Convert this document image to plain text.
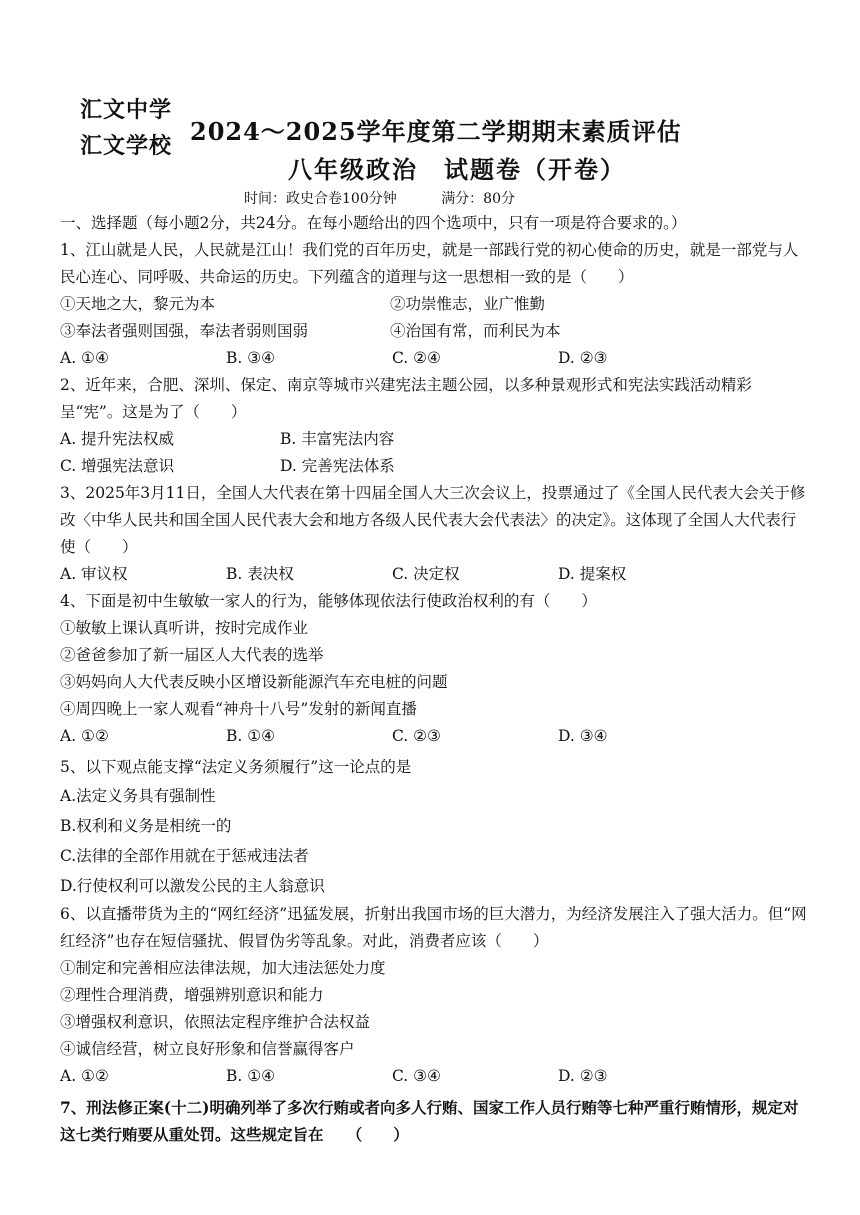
汇文中学
汇文学校 2024～2025学年度第二学期期末素质评估
八年级政治　试题卷（开卷）
时间：政史合卷100分钟	满分：80分
一、选择题（每小题2分，共24分。在每小题给出的四个选项中，只有一项是符合要求的。）
1、江山就是人民，人民就是江山！我们党的百年历史，就是一部践行党的初心使命的历史，就是一部党与人民心连心、同呼吸、共命运的历史。下列蕴含的道理与这一思想相一致的是（　　）
①天地之大，黎元为本	②功崇惟志，业广惟勤
③奉法者强则国强，奉法者弱则国弱	④治国有常，而利民为本
A. ①④	B. ③④	C. ②④	D. ②③
2、近年来，合肥、深圳、保定、南京等城市兴建宪法主题公园，以多种景观形式和宪法实践活动精彩呈“宪”。这是为了（　　）
A. 提升宪法权威	B. 丰富宪法内容
C. 增强宪法意识	D. 完善宪法体系
3、2025年3月11日，全国人大代表在第十四届全国人大三次会议上，投票通过了《全国人民代表大会关于修改〈中华人民共和国全国人民代表大会和地方各级人民代表大会代表法〉的决定》。这体现了全国人大代表行使（　　）
A. 审议权	B. 表决权	C. 决定权	D. 提案权
4、下面是初中生敏敏一家人的行为，能够体现依法行使政治权利的有（　　）
①敏敏上课认真听讲，按时完成作业
②爸爸参加了新一届区人大代表的选举
③妈妈向人大代表反映小区增设新能源汽车充电桩的问题
④周四晚上一家人观看“神舟十八号”发射的新闻直播
A. ①②	B. ①④	C. ②③	D. ③④
5、以下观点能支撑“法定义务须履行”这一论点的是
A.法定义务具有强制性
B.权利和义务是相统一的
C.法律的全部作用就在于惩戒违法者
D.行使权利可以激发公民的主人翁意识
6、以直播带货为主的“网红经济”迅猛发展，折射出我国市场的巨大潜力，为经济发展注入了强大活力。但“网红经济”也存在短信骚扰、假冒伪劣等乱象。对此，消费者应该（　　）
①制定和完善相应法律法规，加大违法惩处力度
②理性合理消费，增强辨别意识和能力
③增强权利意识，依照法定程序维护合法权益
④诚信经营，树立良好形象和信誉赢得客户
A. ①②	B. ①④	C. ③④	D. ②③
7、刑法修正案(十二)明确列举了多次行贿或者向多人行贿、国家工作人员行贿等七种严重行贿情形，规定对这七类行贿要从重处罚。这些规定旨在　　（　　）
